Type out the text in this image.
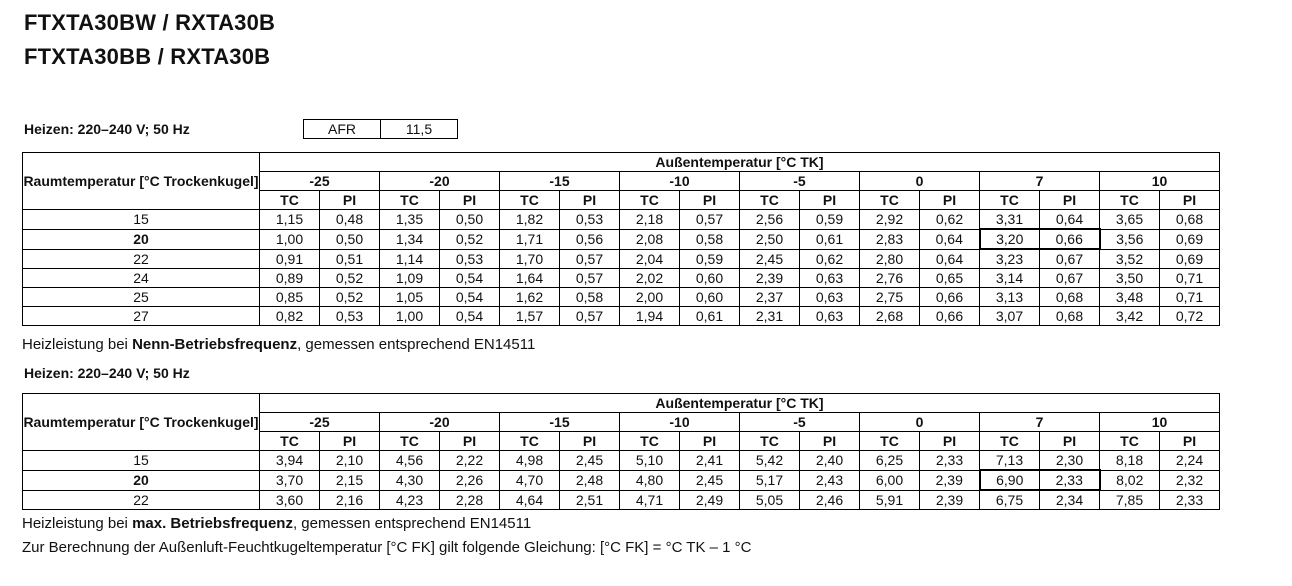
FTXTA30BW / RXTA30B
FTXTA30BB / RXTA30B
Heizen: 220–240 V; 50 Hz	AFR	11,5
Raumtemperatur [°C Trockenkugel]	Außentemperatur [°C TK]															
	-25		-20		-15		-10		-5		0		7		10	
	TC	PI	TC	PI	TC	PI	TC	PI	TC	PI	TC	PI	TC	PI	TC	PI
15	1,15	0,48	1,35	0,50	1,82	0,53	2,18	0,57	2,56	0,59	2,92	0,62	3,31	0,64	3,65	0,68
20	1,00	0,50	1,34	0,52	1,71	0,56	2,08	0,58	2,50	0,61	2,83	0,64	3,20	0,66	3,56	0,69
22	0,91	0,51	1,14	0,53	1,70	0,57	2,04	0,59	2,45	0,62	2,80	0,64	3,23	0,67	3,52	0,69
24	0,89	0,52	1,09	0,54	1,64	0,57	2,02	0,60	2,39	0,63	2,76	0,65	3,14	0,67	3,50	0,71
25	0,85	0,52	1,05	0,54	1,62	0,58	2,00	0,60	2,37	0,63	2,75	0,66	3,13	0,68	3,48	0,71
27	0,82	0,53	1,00	0,54	1,57	0,57	1,94	0,61	2,31	0,63	2,68	0,66	3,07	0,68	3,42	0,72
Heizleistung bei Nenn-Betriebsfrequenz, gemessen entsprechend EN14511
Heizen: 220–240 V; 50 Hz
Raumtemperatur [°C Trockenkugel]	Außentemperatur [°C TK]															
	-25		-20		-15		-10		-5		0		7		10	
	TC	PI	TC	PI	TC	PI	TC	PI	TC	PI	TC	PI	TC	PI	TC	PI
15	3,94	2,10	4,56	2,22	4,98	2,45	5,10	2,41	5,42	2,40	6,25	2,33	7,13	2,30	8,18	2,24
20	3,70	2,15	4,30	2,26	4,70	2,48	4,80	2,45	5,17	2,43	6,00	2,39	6,90	2,33	8,02	2,32
22	3,60	2,16	4,23	2,28	4,64	2,51	4,71	2,49	5,05	2,46	5,91	2,39	6,75	2,34	7,85	2,33
Heizleistung bei max. Betriebsfrequenz, gemessen entsprechend EN14511
Zur Berechnung der Außenluft-Feuchtkugeltemperatur [°C FK] gilt folgende Gleichung: [°C FK] = °C TK – 1 °C
